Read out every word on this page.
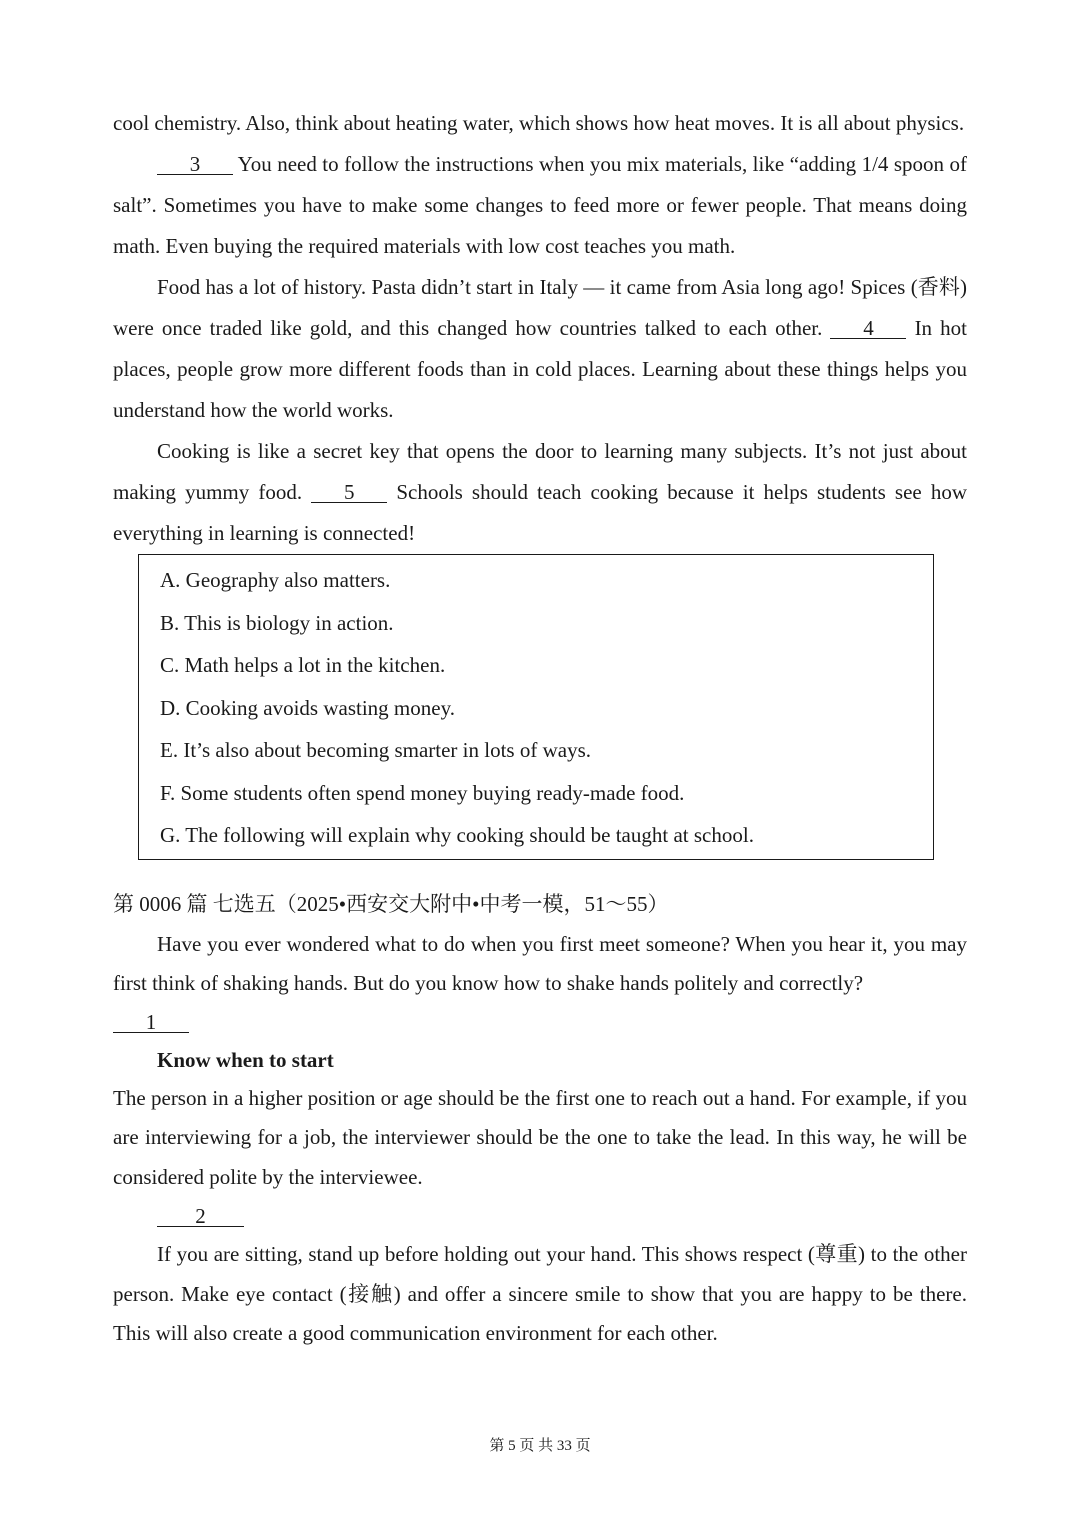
cool chemistry. Also, think about heating water, which shows how heat moves. It is all about physics.

3 You need to follow the instructions when you mix materials, like “adding 1/4 spoon of salt”. Sometimes you have to make some changes to feed more or fewer people. That means doing math. Even buying the required materials with low cost teaches you math.

Food has a lot of history. Pasta didn’t start in Italy — it came from Asia long ago! Spices (香料) were once traded like gold, and this changed how countries talked to each other. 4 In hot places, people grow more different foods than in cold places. Learning about these things helps you understand how the world works.

Cooking is like a secret key that opens the door to learning many subjects. It’s not just about making yummy food. 5 Schools should teach cooking because it helps students see how everything in learning is connected!

A. Geography also matters.

B. This is biology in action.

C. Math helps a lot in the kitchen.

D. Cooking avoids wasting money.

E. It’s also about becoming smarter in lots of ways.

F. Some students often spend money buying ready-made food.

G. The following will explain why cooking should be taught at school.

第 0006 篇 七选五（2025•西安交大附中•中考一模，51～55）

Have you ever wondered what to do when you first meet someone? When you hear it, you may first think of shaking hands. But do you know how to shake hands politely and correctly?

1

Know when to start

The person in a higher position or age should be the first one to reach out a hand. For example, if you are interviewing for a job, the interviewer should be the one to take the lead. In this way, he will be considered polite by the interviewee.

2

If you are sitting, stand up before holding out your hand. This shows respect (尊重) to the other person. Make eye contact (接触) and offer a sincere smile to show that you are happy to be there. This will also create a good communication environment for each other.

第 5 页 共 33 页
